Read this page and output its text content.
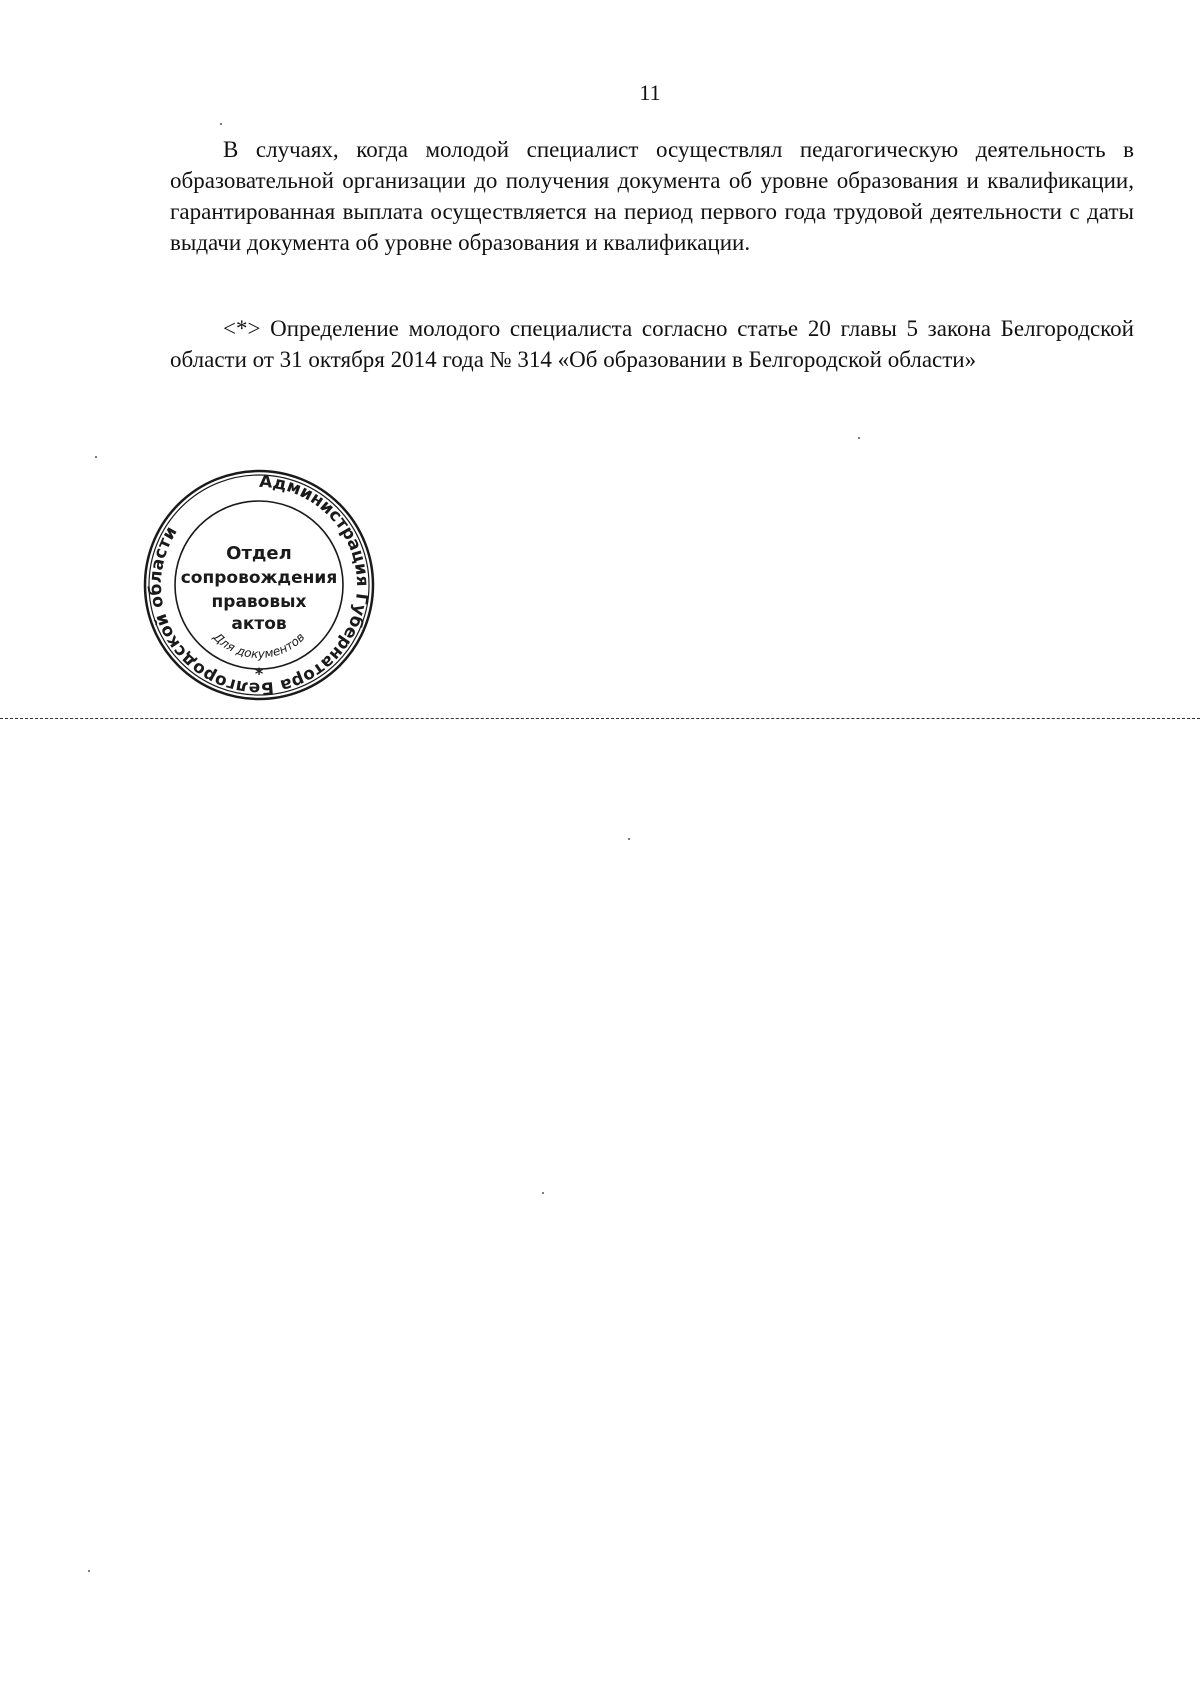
11

В случаях, когда молодой специалист осуществлял педагогическую деятельность в образовательной организации до получения документа об уровне образования и квалификации, гарантированная выплата осуществляется на период первого года трудовой деятельности с даты выдачи документа об уровне образования и квалификации.

<*> Определение молодого специалиста согласно статье 20 главы 5 закона Белгородской области от 31 октября 2014 года № 314 «Об образовании в Белгородской области»

Администрация Губернатора Белгородской области
Отдел
сопровождения
правовых
актов
Для документов
*
